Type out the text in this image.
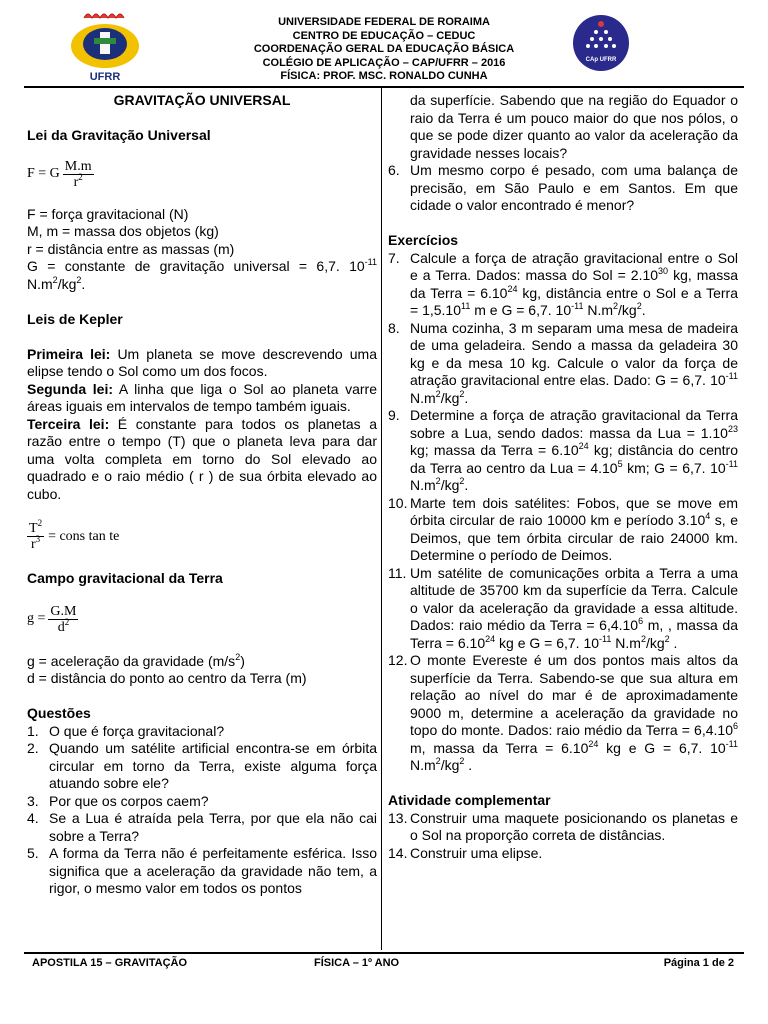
UFRR
UNIVERSIDADE FEDERAL DE RORAIMA
CENTRO DE EDUCAÇÃO – CEDUC
COORDENAÇÃO GERAL DA EDUCAÇÃO BÁSICA
COLÉGIO DE APLICAÇÃO – CAP/UFRR – 2016
FÍSICA: PROF. MSC. RONALDO CUNHA
CAp UFRR

GRAVITAÇÃO UNIVERSAL

Lei da Gravitação Universal

F = G $\frac{M.m}{r^2}$

F = força gravitacional (N)

M, m = massa dos objetos (kg)

r = distância entre as massas (m)

G = constante de gravitação universal = 6,7. $10^{-11}$ $N.m^2/kg^2$.

Leis de Kepler

Primeira lei: Um planeta se move descrevendo uma elipse tendo o Sol como um dos focos.

Segunda lei: A linha que liga o Sol ao planeta varre áreas iguais em intervalos de tempo também iguais.

Terceira lei: É constante para todos os planetas a razão entre o tempo (T) que o planeta leva para dar uma volta completa em torno do Sol elevado ao quadrado e o raio médio ( r ) de sua órbita elevado ao cubo.

$\frac{T^2}{r^3}$ = cons tan te

Campo gravitacional da Terra

$g = \frac{G.M}{d^2}$

g = aceleração da gravidade $(m/s^2)$

d = distância do ponto ao centro da Terra (m)

Questões

1. O que é força gravitacional?
2. Quando um satélite artificial encontra-se em órbita circular em torno da Terra, existe alguma força atuando sobre ele?
3. Por que os corpos caem?
4. Se a Lua é atraída pela Terra, por que ela não cai sobre a Terra?
5. A forma da Terra não é perfeitamente esférica. Isso significa que a aceleração da gravidade não tem, a rigor, o mesmo valor em todos os pontos

da superfície. Sabendo que na região do Equador o raio da Terra é um pouco maior do que nos pólos, o que se pode dizer quanto ao valor da aceleração da gravidade nesses locais?

6. Um mesmo corpo é pesado, com uma balança de precisão, em São Paulo e em Santos. Em que cidade o valor encontrado é menor?

Exercícios

7. Calcule a força de atração gravitacional entre o Sol e a Terra. Dados: massa do Sol = $2.10^{30}$ kg, massa da Terra = $6.10^{24}$ kg, distância entre o Sol e a Terra = $1,5.10^{11}$ m e G = 6,7. $10^{-11}$ $N.m^2/kg^2$.
8. Numa cozinha, 3 m separam uma mesa de madeira de uma geladeira. Sendo a massa da geladeira 30 kg e da mesa 10 kg. Calcule o valor da força de atração gravitacional entre elas. Dado: G = 6,7. $10^{-11}$ $N.m^2/kg^2$.
9. Determine a força de atração gravitacional da Terra sobre a Lua, sendo dados: massa da Lua = $1.10^{23}$ kg; massa da Terra = $6.10^{24}$ kg; distância do centro da Terra ao centro da Lua = $4.10^5$ km; G = 6,7. $10^{-11}$ $N.m^2/kg^2$.
10. Marte tem dois satélites: Fobos, que se move em órbita circular de raio 10000 km e período 3.10$^4$ s, e Deimos, que tem órbita circular de raio 24000 km. Determine o período de Deimos.
11. Um satélite de comunicações orbita a Terra a uma altitude de 35700 km da superfície da Terra. Calcule o valor da aceleração da gravidade a essa altitude. Dados: raio médio da Terra = $6,4.10^6$ m, , massa da Terra = $6.10^{24}$ kg e G = 6,7. $10^{-11}$ $N.m^2/kg^2$ .
12. O monte Evereste é um dos pontos mais altos da superfície da Terra. Sabendo-se que sua altura em relação ao nível do mar é de aproximadamente 9000 m, determine a aceleração da gravidade no topo do monte. Dados: raio médio da Terra = $6,4.10^6$ m, massa da Terra = $6.10^{24}$ kg e G = 6,7. $10^{-11}$ $N.m^2/kg^2$ .

Atividade complementar

13. Construir uma maquete posicionando os planetas e o Sol na proporção correta de distâncias.
14. Construir uma elipse.
APOSTILA 15 – GRAVITAÇÃO	FÍSICA – 1º ANO	Página 1 de 2
